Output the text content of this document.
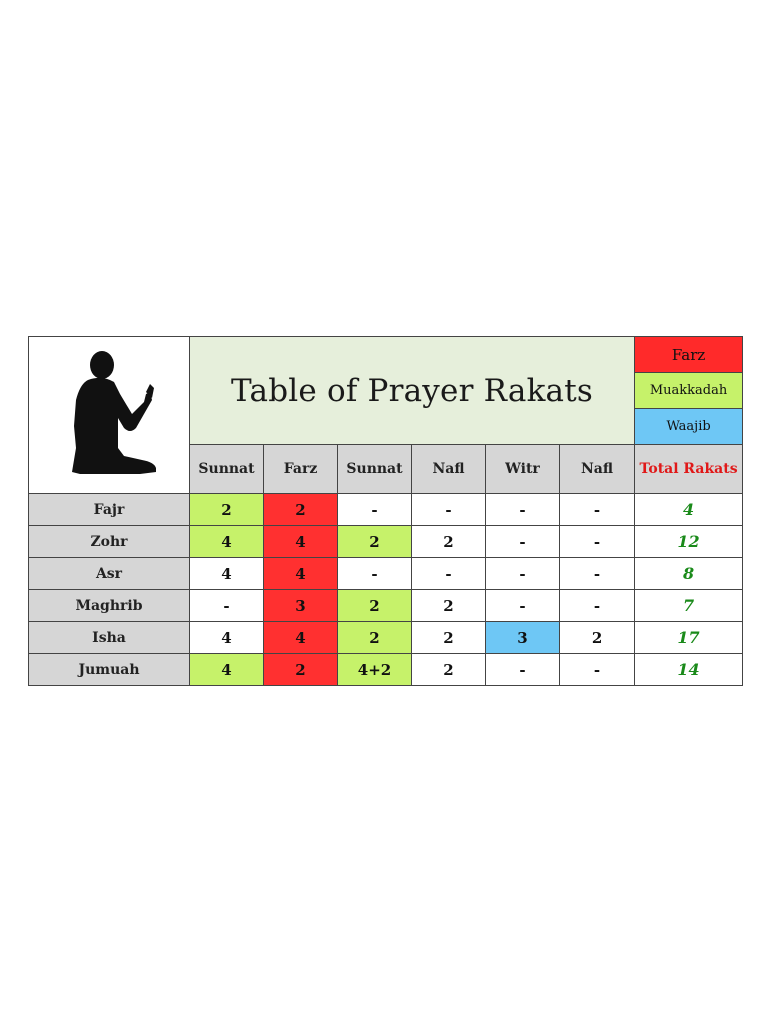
	Table of Prayer Rakats						Farz
							Muakkadah
							Waajib
	Sunnat	Farz	Sunnat	Nafl	Witr	Nafl	Total Rakats
Fajr	2	2	-	-	-	-	4
Zohr	4	4	2	2	-	-	12
Asr	4	4	-	-	-	-	8
Maghrib	-	3	2	2	-	-	7
Isha	4	4	2	2	3	2	17
Jumuah	4	2	4+2	2	-	-	14
